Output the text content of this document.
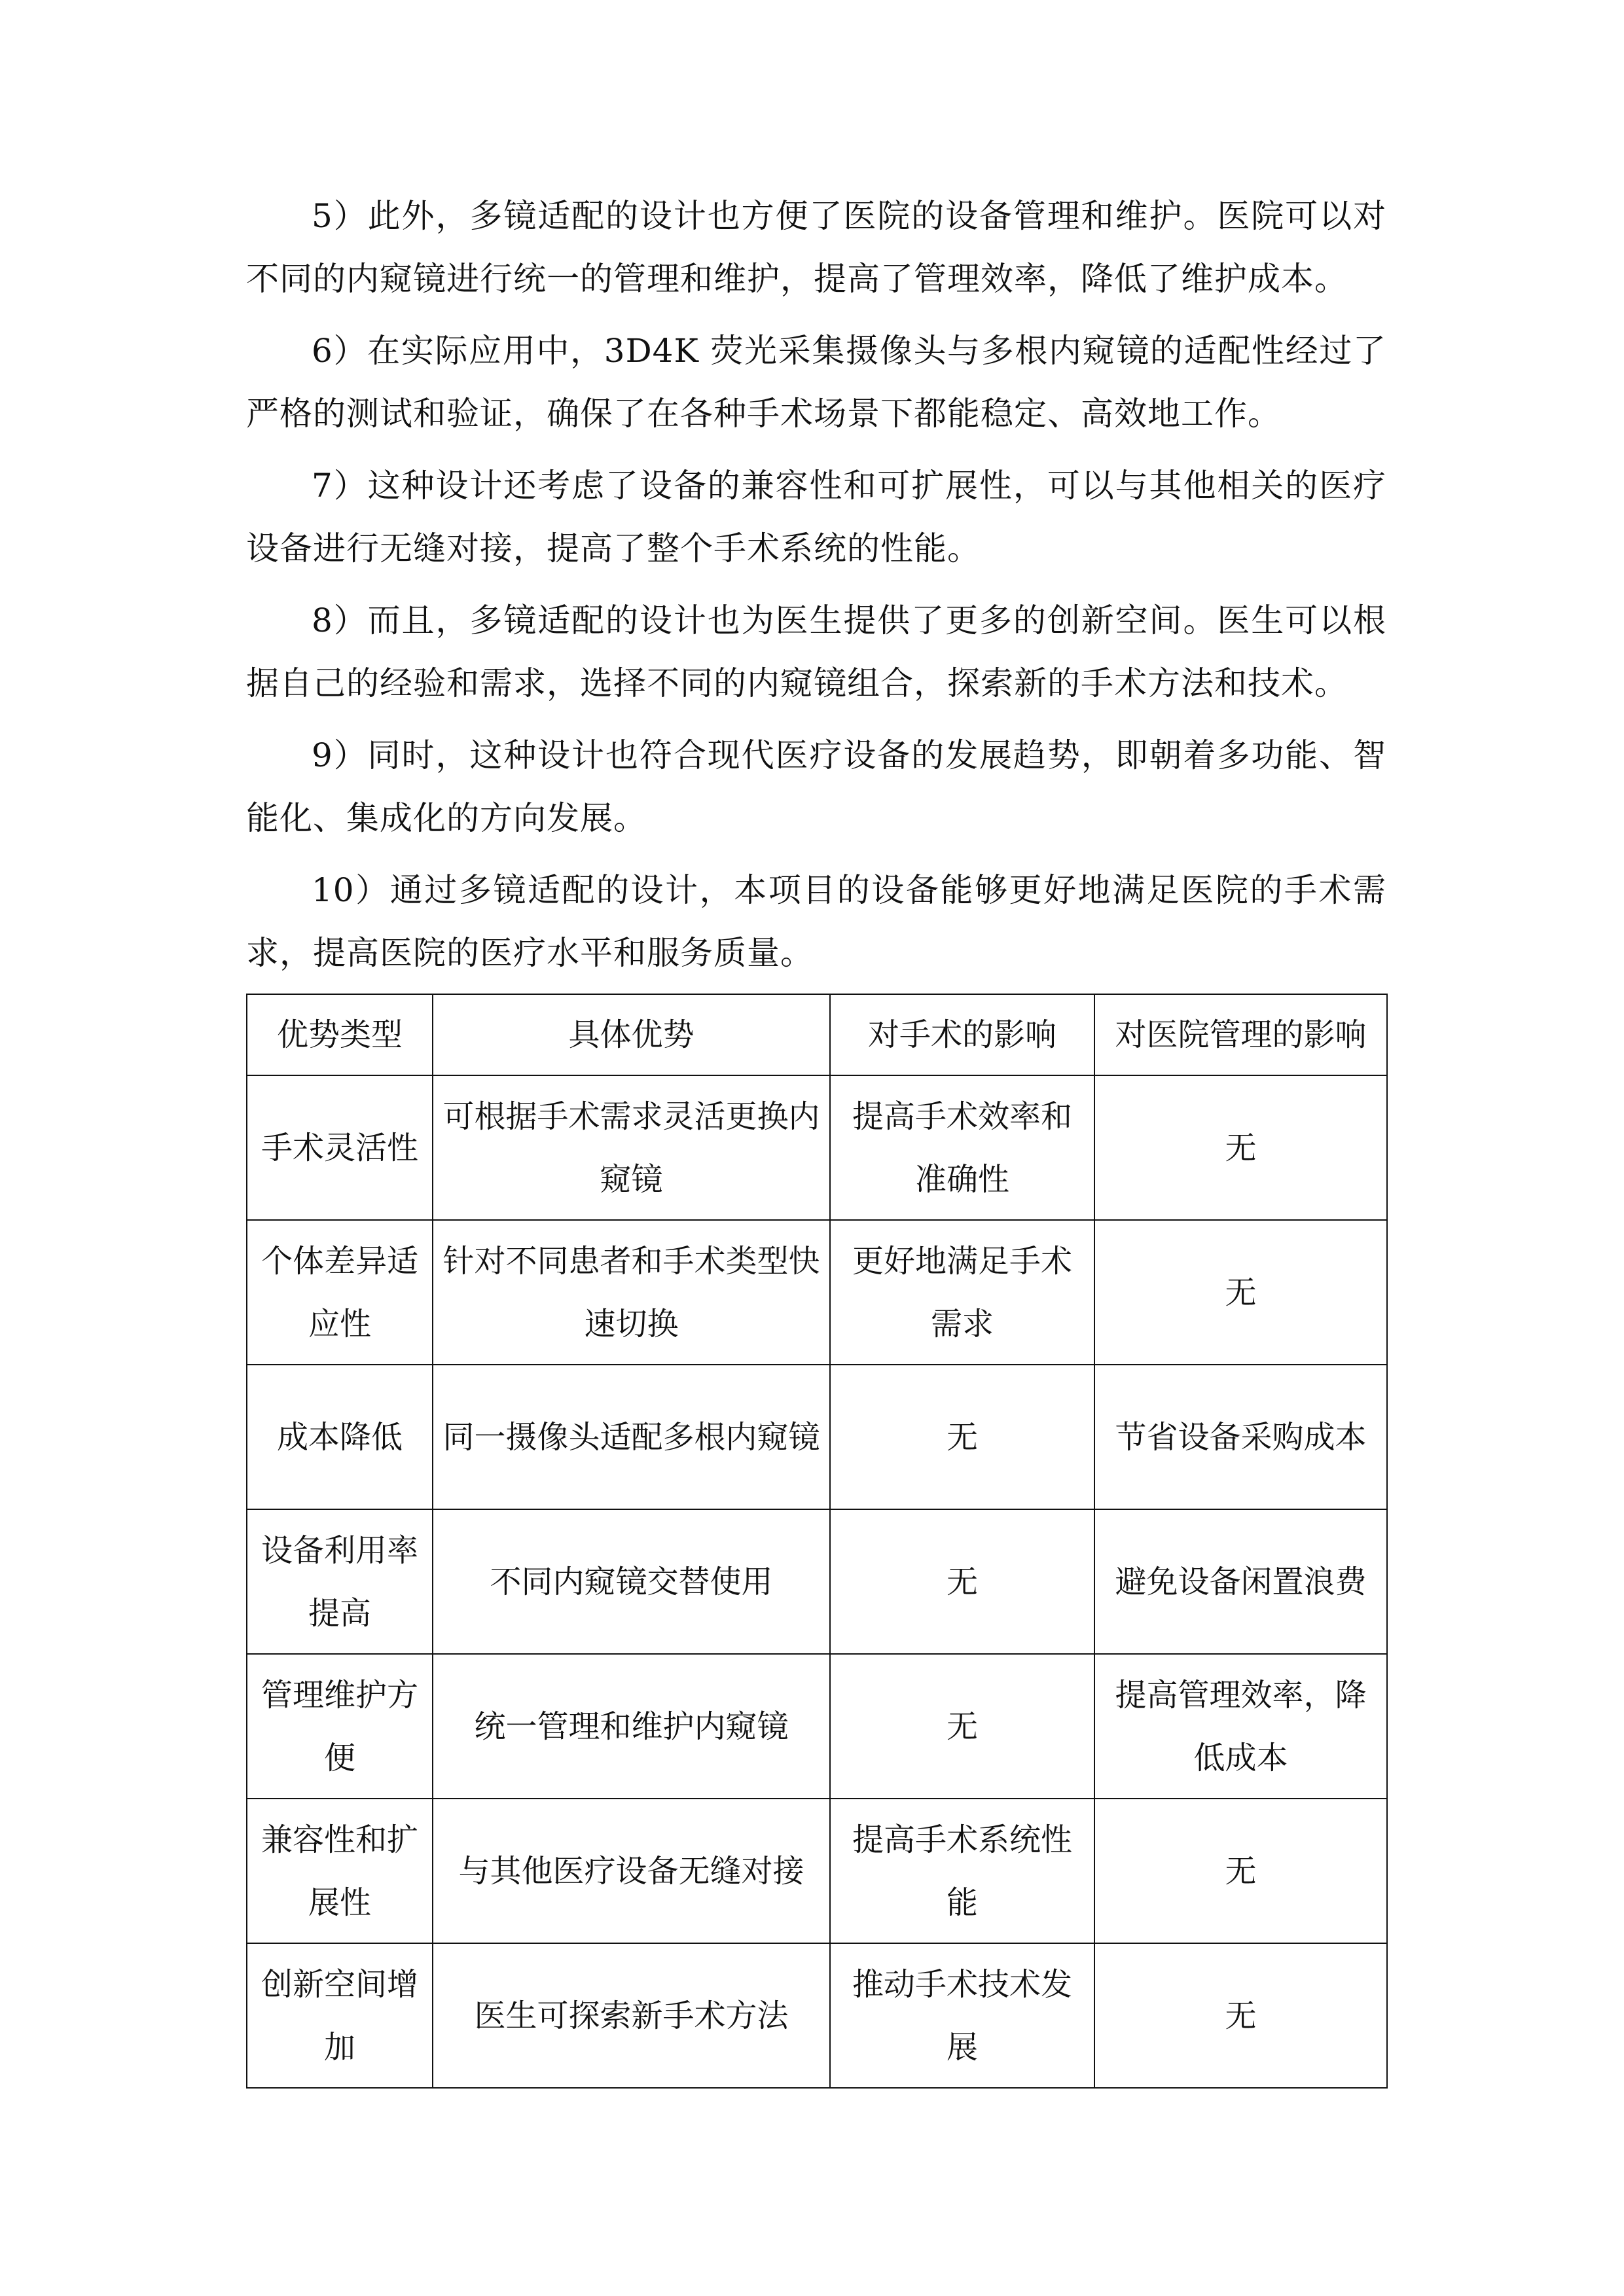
5）此外，多镜适配的设计也方便了医院的设备管理和维护。医院可以对不同的内窥镜进行统一的管理和维护，提高了管理效率，降低了维护成本。

6）在实际应用中，3D4K 荧光采集摄像头与多根内窥镜的适配性经过了严格的测试和验证，确保了在各种手术场景下都能稳定、高效地工作。

7）这种设计还考虑了设备的兼容性和可扩展性，可以与其他相关的医疗设备进行无缝对接，提高了整个手术系统的性能。

8）而且，多镜适配的设计也为医生提供了更多的创新空间。医生可以根据自己的经验和需求，选择不同的内窥镜组合，探索新的手术方法和技术。

9）同时，这种设计也符合现代医疗设备的发展趋势，即朝着多功能、智能化、集成化的方向发展。

10）通过多镜适配的设计，本项目的设备能够更好地满足医院的手术需求，提高医院的医疗水平和服务质量。

优势类型	具体优势	对手术的影响	对医院管理的影响
手术灵活性	可根据手术需求灵活更换内窥镜	提高手术效率和准确性	无
个体差异适应性	针对不同患者和手术类型快速切换	更好地满足手术需求	无
成本降低	同一摄像头适配多根内窥镜	无	节省设备采购成本
设备利用率提高	不同内窥镜交替使用	无	避免设备闲置浪费
管理维护方便	统一管理和维护内窥镜	无	提高管理效率，降低成本
兼容性和扩展性	与其他医疗设备无缝对接	提高手术系统性能	无
创新空间增加	医生可探索新手术方法	推动手术技术发展	无
